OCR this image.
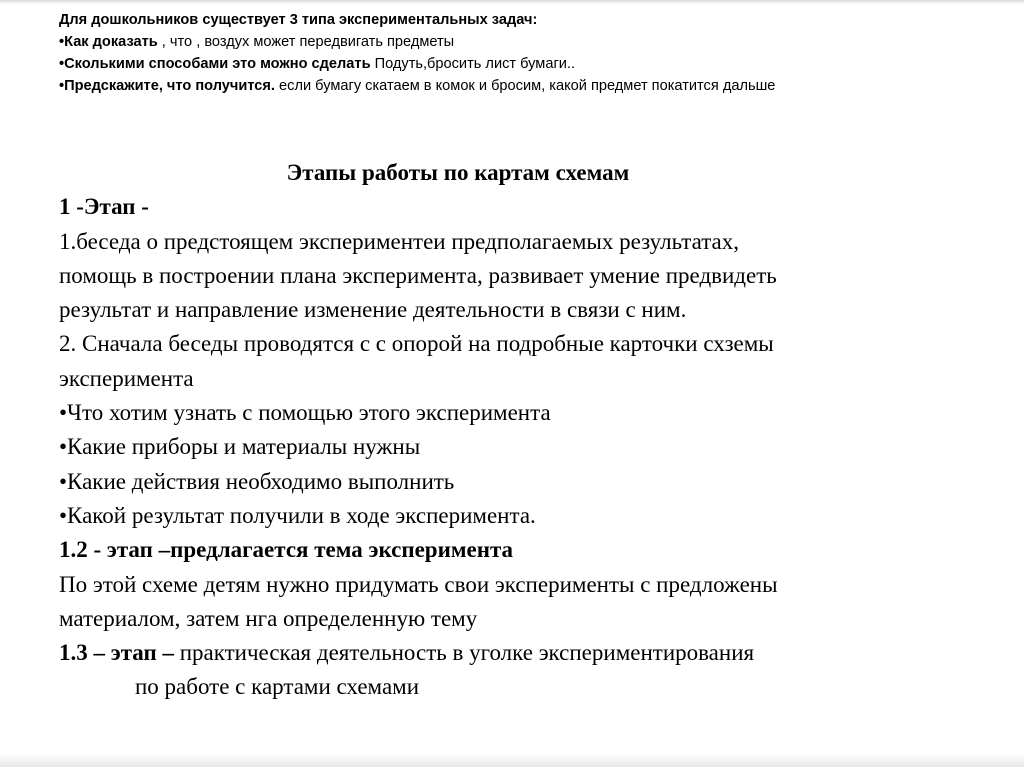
Для дошкольников существует 3 типа экспериментальных задач:
•Как доказать , что , воздух может передвигать предметы
•Сколькими способами это можно сделать Подуть,бросить лист бумаги..
•Предскажите, что получится. если бумагу скатаем в комок и бросим, какой предмет покатится дальше

Этапы работы по картам схемам

1 -Этап -

1.беседа о предстоящем экспериментеи предполагаемых результатах,

помощь в построении плана эксперимента, развивает умение предвидеть

результат и направление изменение деятельности в связи с ним.

2. Сначала беседы проводятся с с опорой на подробные карточки схземы

эксперимента

•Что хотим узнать с помощью этого эксперимента

•Какие приборы и материалы нужны

•Какие действия необходимо выполнить

•Какой результат получили в ходе эксперимента.

1.2 - этап –предлагается тема эксперимента

По этой схеме детям нужно придумать свои эксперименты с предложены

материалом, затем нга определенную тему

1.3 – этап – практическая деятельность в уголке экспериментирования

по работе с картами схемами
